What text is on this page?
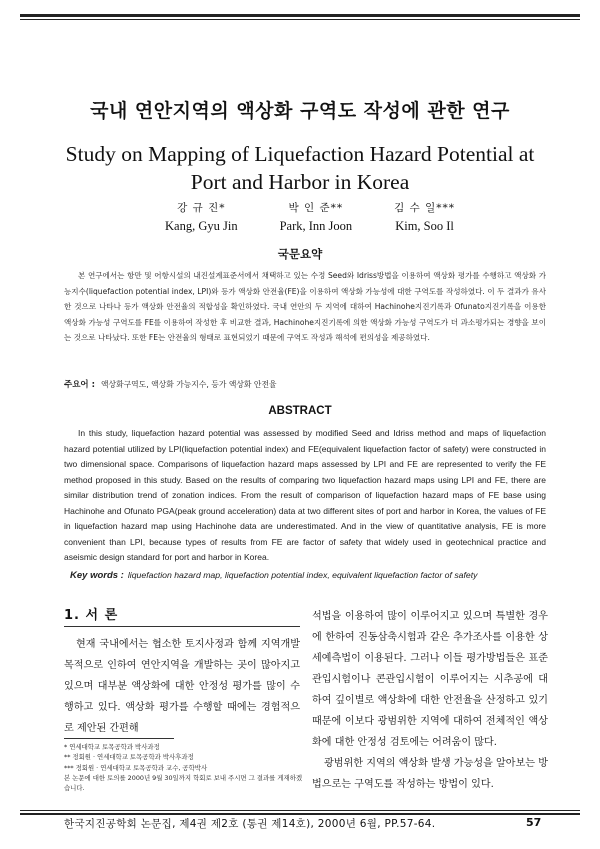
국내 연안지역의 액상화 구역도 작성에 관한 연구
Study on Mapping of Liquefaction Hazard Potential at
Port and Harbor in Korea
강 규 진*
Kang, Gyu Jin
박 인 준**
Park, Inn Joon
김 수 일***
Kim, Soo Il
국문요약

본 연구에서는 항만 및 어항시설의 내진설계표준서에서 채택하고 있는 수정 Seed와 Idriss방법을 이용하여 액상화 평가를 수행하고 액상화 가능지수(liquefaction potential index, LPI)와 등가 액상화 안전율(FE)을 이용하여 액상화 가능성에 대한 구역도를 작성하였다. 이 두 결과가 유사한 것으로 나타나 등가 액상화 안전율의 적합성을 확인하였다. 국내 연안의 두 지역에 대하여 Hachinohe지진기록과 Ofunato지진기록을 이용한 액상화 가능성 구역도를 FE를 이용하여 작성한 후 비교한 결과, Hachinohe지진기록에 의한 액상화 가능성 구역도가 더 과소평가되는 경향을 보이는 것으로 나타났다. 또한 FE는 안전율의 형태로 표현되었기 때문에 구역도 작성과 해석에 편의성을 제공하였다.

주요어 : 액상화구역도, 액상화 가능지수, 등가 액상화 안전율
ABSTRACT

In this study, liquefaction hazard potential was assessed by modified Seed and Idriss method and maps of liquefaction hazard potential utilized by LPI(liquefaction potential index) and FE(equivalent liquefaction factor of safety) were constructed in two dimensional space. Comparisons of liquefaction hazard maps assessed by LPI and FE are represented to verify the FE method proposed in this study. Based on the results of comparing two liquefaction hazard maps using LPI and FE, there are similar distribution trend of zonation indices. From the result of comparison of liquefaction hazard maps of FE base using Hachinohe and Ofunato PGA(peak ground acceleration) data at two different sites of port and harbor in Korea, the values of FE in liquefaction hazard map using Hachinohe data are underestimated. And in the view of quantitative analysis, FE is more convenient than LPI, because types of results from FE are factor of safety that widely used in geotechnical practice and aseismic design standard for port and harbor in Korea.

Key words : liquefaction hazard map, liquefaction potential index, equivalent liquefaction factor of safety
1. 서 론

현재 국내에서는 협소한 토지사정과 함께 지역개발목적으로 인하여 연안지역을 개발하는 곳이 많아지고 있으며 대부분 액상화에 대한 안정성 평가를 많이 수행하고 있다. 액상화 평가를 수행할 때에는 경험적으로 제안된 간편해

석법을 이용하여 많이 이루어지고 있으며 특별한 경우에 한하여 진동삼축시험과 같은 추가조사를 이용한 상세예측법이 이용된다. 그러나 이들 평가방법들은 표준관입시험이나 콘관입시험이 이루어지는 시추공에 대하여 깊이별로 액상화에 대한 안전율을 산정하고 있기 때문에 이보다 광범위한 지역에 대하여 전체적인 액상화에 대한 안정성 검토에는 어려움이 많다.

광범위한 지역의 액상화 발생 가능성을 알아보는 방법으로는 구역도를 작성하는 방법이 있다.

* 연세대학교 토목공학과 박사과정
** 정회원 · 연세대학교 토목공학과 박사후과정
*** 정회원 · 연세대학교 토목공학과 교수, 공학박사
본 논문에 대한 토의를 2000년 9월 30일까지 학회로 보내 주시면 그 결과를 게재하겠습니다.
한국지진공학회 논문집, 제4권 제2호 (통권 제14호), 2000년 6월, PP.57-64.	57
